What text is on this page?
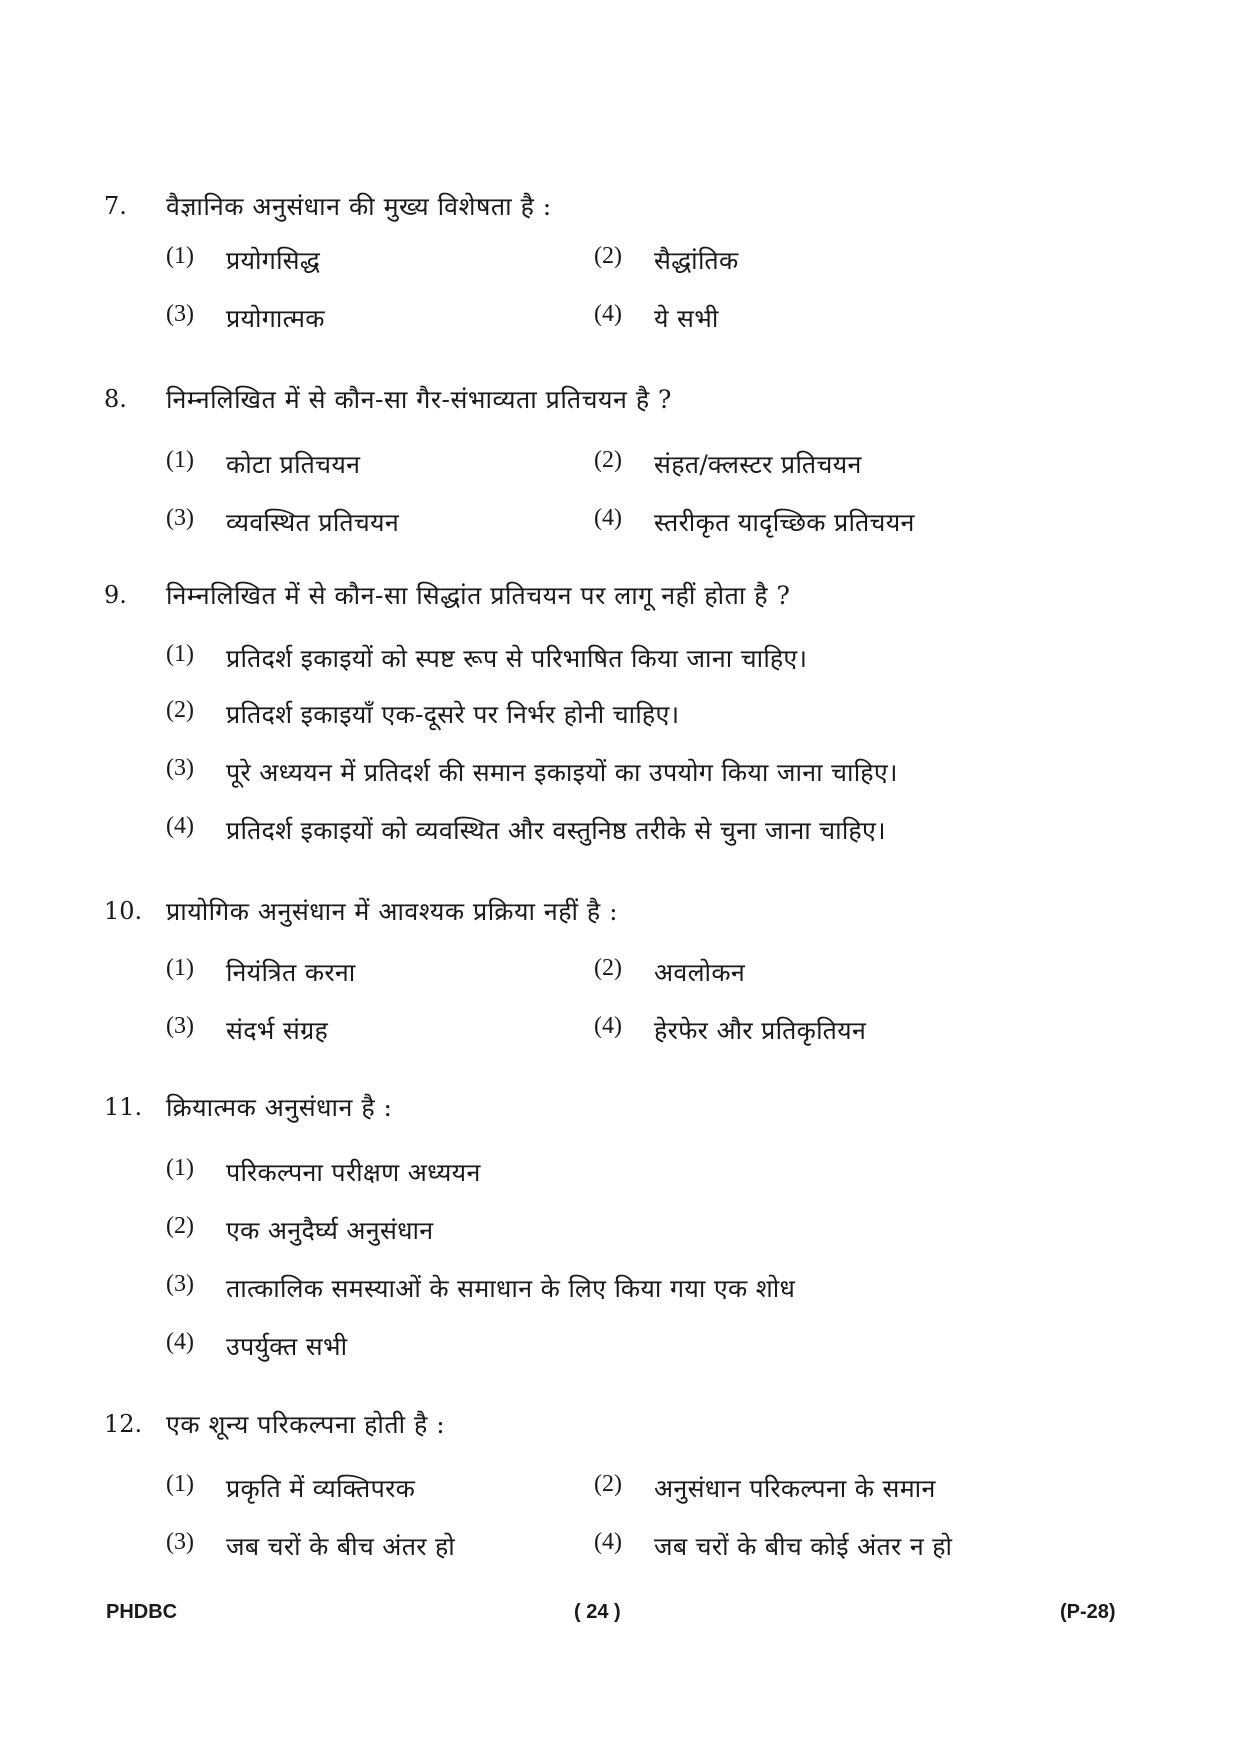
7. वैज्ञानिक अनुसंधान की मुख्य विशेषता है :
(1) प्रयोगसिद्ध	(2) सैद्धांतिक
(3) प्रयोगात्मक	(4) ये सभी
8. निम्नलिखित में से कौन-सा गैर-संभाव्यता प्रतिचयन है ?
(1) कोटा प्रतिचयन	(2) संहत/क्लस्टर प्रतिचयन
(3) व्यवस्थित प्रतिचयन	(4) स्तरीकृत यादृच्छिक प्रतिचयन
9. निम्नलिखित में से कौन-सा सिद्धांत प्रतिचयन पर लागू नहीं होता है ?
(1) प्रतिदर्श इकाइयों को स्पष्ट रूप से परिभाषित किया जाना चाहिए।
(2) प्रतिदर्श इकाइयाँ एक-दूसरे पर निर्भर होनी चाहिए।
(3) पूरे अध्ययन में प्रतिदर्श की समान इकाइयों का उपयोग किया जाना चाहिए।
(4) प्रतिदर्श इकाइयों को व्यवस्थित और वस्तुनिष्ठ तरीके से चुना जाना चाहिए।
10. प्रायोगिक अनुसंधान में आवश्यक प्रक्रिया नहीं है :
(1) नियंत्रित करना	(2) अवलोकन
(3) संदर्भ संग्रह	(4) हेरफेर और प्रतिकृतियन
11. क्रियात्मक अनुसंधान है :
(1) परिकल्पना परीक्षण अध्ययन
(2) एक अनुदैर्घ्य अनुसंधान
(3) तात्कालिक समस्याओं के समाधान के लिए किया गया एक शोध
(4) उपर्युक्त सभी
12. एक शून्य परिकल्पना होती है :
(1) प्रकृति में व्यक्तिपरक	(2) अनुसंधान परिकल्पना के समान
(3) जब चरों के बीच अंतर हो	(4) जब चरों के बीच कोई अंतर न हो
PHDBC	( 24 )	(P-28)
